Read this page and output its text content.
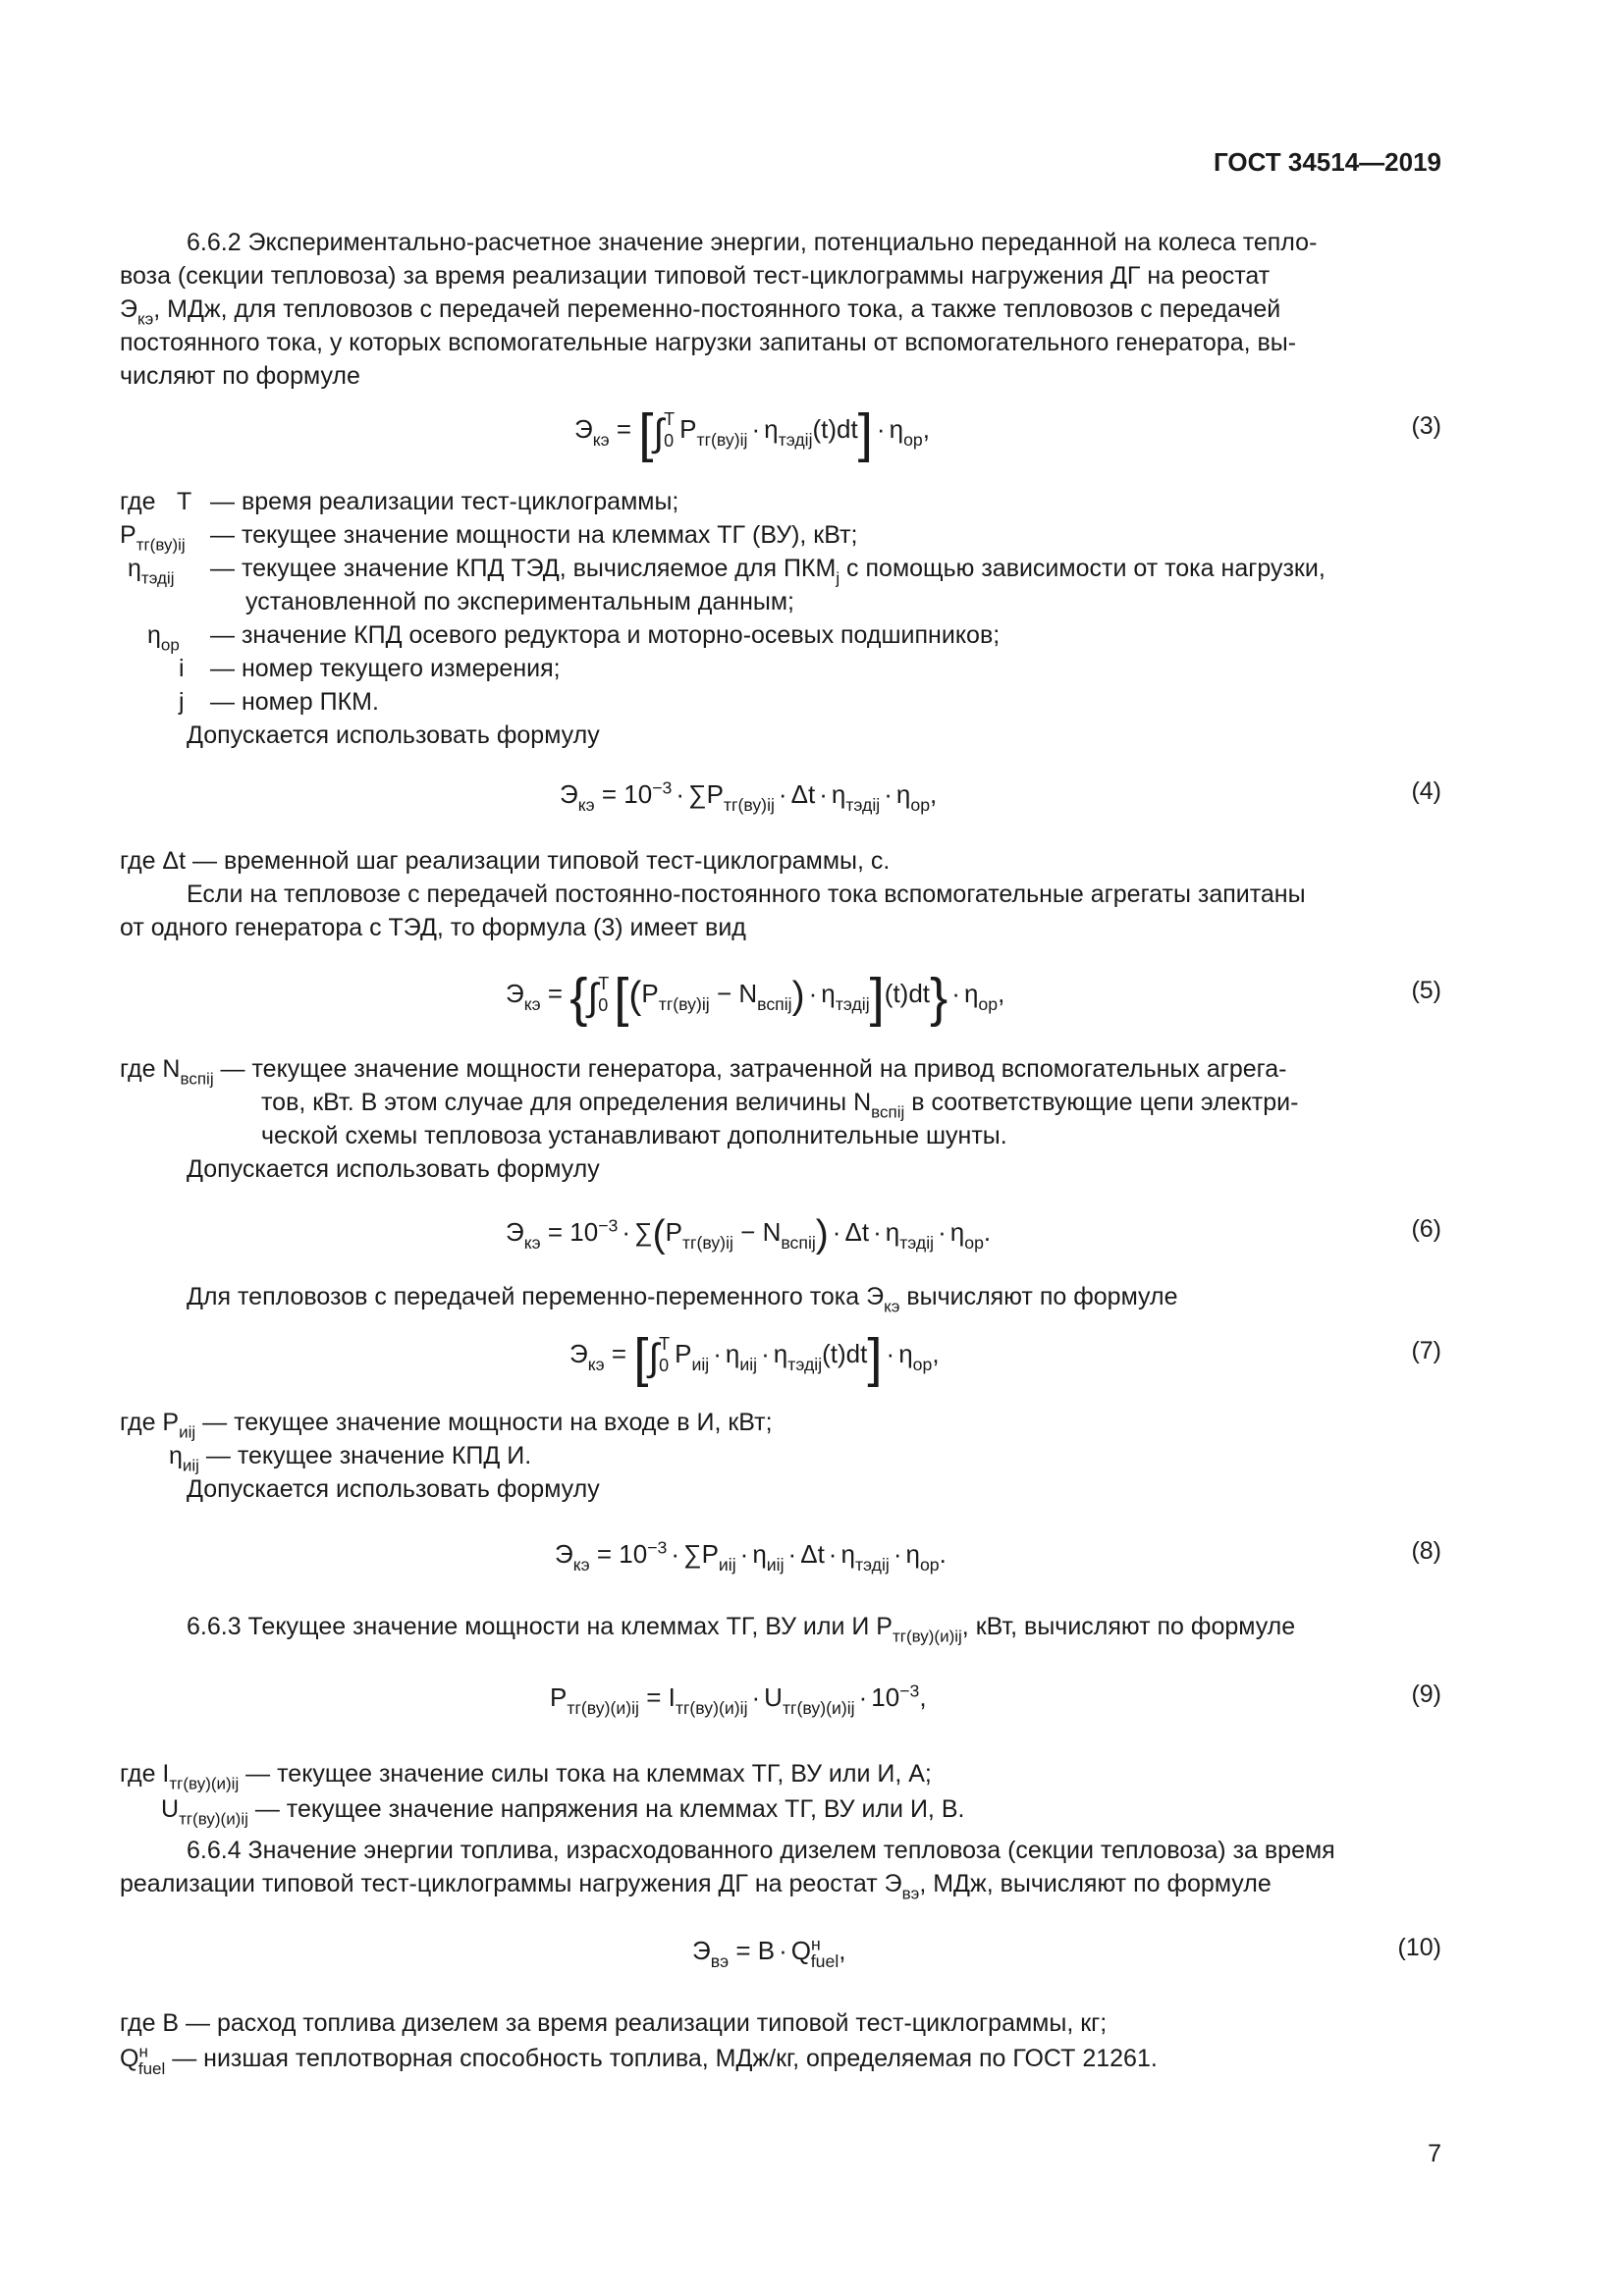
ГОСТ 34514—2019
6.6.2 Экспериментально-расчетное значение энергии, потенциально переданной на колеса тепло-
воза (секции тепловоза) за время реализации типовой тест-циклограммы нагружения ДГ на реостат
$Э_{кэ}$, МДж, для тепловозов с передачей переменно-постоянного тока, а также тепловозов с передачей
постоянного тока, у которых вспомогательные нагрузки запитаны от вспомогательного генератора, вы-
числяют по формуле
$Э_{кэ}$ = [∫ T
0 $P_{тг(ву)ij} \cdot \eta_{тэдij}(t)dt] \cdot \eta_{ор}$,	(3)
где T — время реализации тест-циклограммы;
$P_{тг(ву)ij}$ — текущее значение мощности на клеммах ТГ (ВУ), кВт;
$\eta_{тэдij}$ — текущее значение КПД ТЭД, вычисляемое для $ПКМ_j$ с помощью зависимости от тока нагрузки,
установленной по экспериментальным данным;
$\eta_{ор}$ — значение КПД осевого редуктора и моторно-осевых подшипников;
i — номер текущего измерения;
j — номер ПКМ.
Допускается использовать формулу
$Э_{кэ} = 10^{-3} \cdot \sum P_{тг(ву)ij} \cdot \Delta t \cdot \eta_{тэдij} \cdot \eta_{ор}$,	(4)
где Δt — временной шаг реализации типовой тест-циклограммы, с.
Если на тепловозе с передачей постоянно-постоянного тока вспомогательные агрегаты запитаны
от одного генератора с ТЭД, то формула (3) имеет вид
$Э_{кэ}$ = {∫ T
0 $[(P_{тг(ву)ij} - N_{вспij}) \cdot \eta_{тэдij}](t)dt\} \cdot \eta_{ор}$,	(5)
где $N_{вспij}$ — текущее значение мощности генератора, затраченной на привод вспомогательных агрега-
тов, кВт. В этом случае для определения величины $N_{вспij}$ в соответствующие цепи электри-
ческой схемы тепловоза устанавливают дополнительные шунты.
Допускается использовать формулу
$Э_{кэ} = 10^{-3} \cdot \sum(P_{тг(ву)ij} - N_{вспij}) \cdot \Delta t \cdot \eta_{тэдij} \cdot \eta_{ор}$.	(6)
Для тепловозов с передачей переменно-переменного тока $Э_{кэ}$ вычисляют по формуле
$Э_{кэ}$ = [∫ T
0 $P_{иij} \cdot \eta_{иij} \cdot \eta_{тэдij}(t)dt] \cdot \eta_{ор}$,	(7)
где $P_{иij}$ — текущее значение мощности на входе в И, кВт;
$\eta_{иij}$ — текущее значение КПД И.
Допускается использовать формулу
$Э_{кэ} = 10^{-3} \cdot \sum P_{иij} \cdot \eta_{иij} \cdot \Delta t \cdot \eta_{тэдij} \cdot \eta_{ор}$.	(8)
6.6.3 Текущее значение мощности на клеммах ТГ, ВУ или И $P_{тг(ву)(и)ij}$, кВт, вычисляют по формуле
$P_{тг(ву)(и)ij} = I_{тг(ву)(и)ij} \cdot U_{тг(ву)(и)ij} \cdot 10^{-3}$,	(9)
где $I_{тг(ву)(и)ij}$ — текущее значение силы тока на клеммах ТГ, ВУ или И, А;
$U_{тг(ву)(и)ij}$ — текущее значение напряжения на клеммах ТГ, ВУ или И, В.
6.6.4 Значение энергии топлива, израсходованного дизелем тепловоза (секции тепловоза) за время
реализации типовой тест-циклограммы нагружения ДГ на реостат $Э_{вэ}$, МДж, вычисляют по формуле
$Э_{вэ} = B \cdot Q^н_{fuel}$,	(10)
где B — расход топлива дизелем за время реализации типовой тест-циклограммы, кг;
$Q^н_{fuel}$ — низшая теплотворная способность топлива, МДж/кг, определяемая по ГОСТ 21261.
7
